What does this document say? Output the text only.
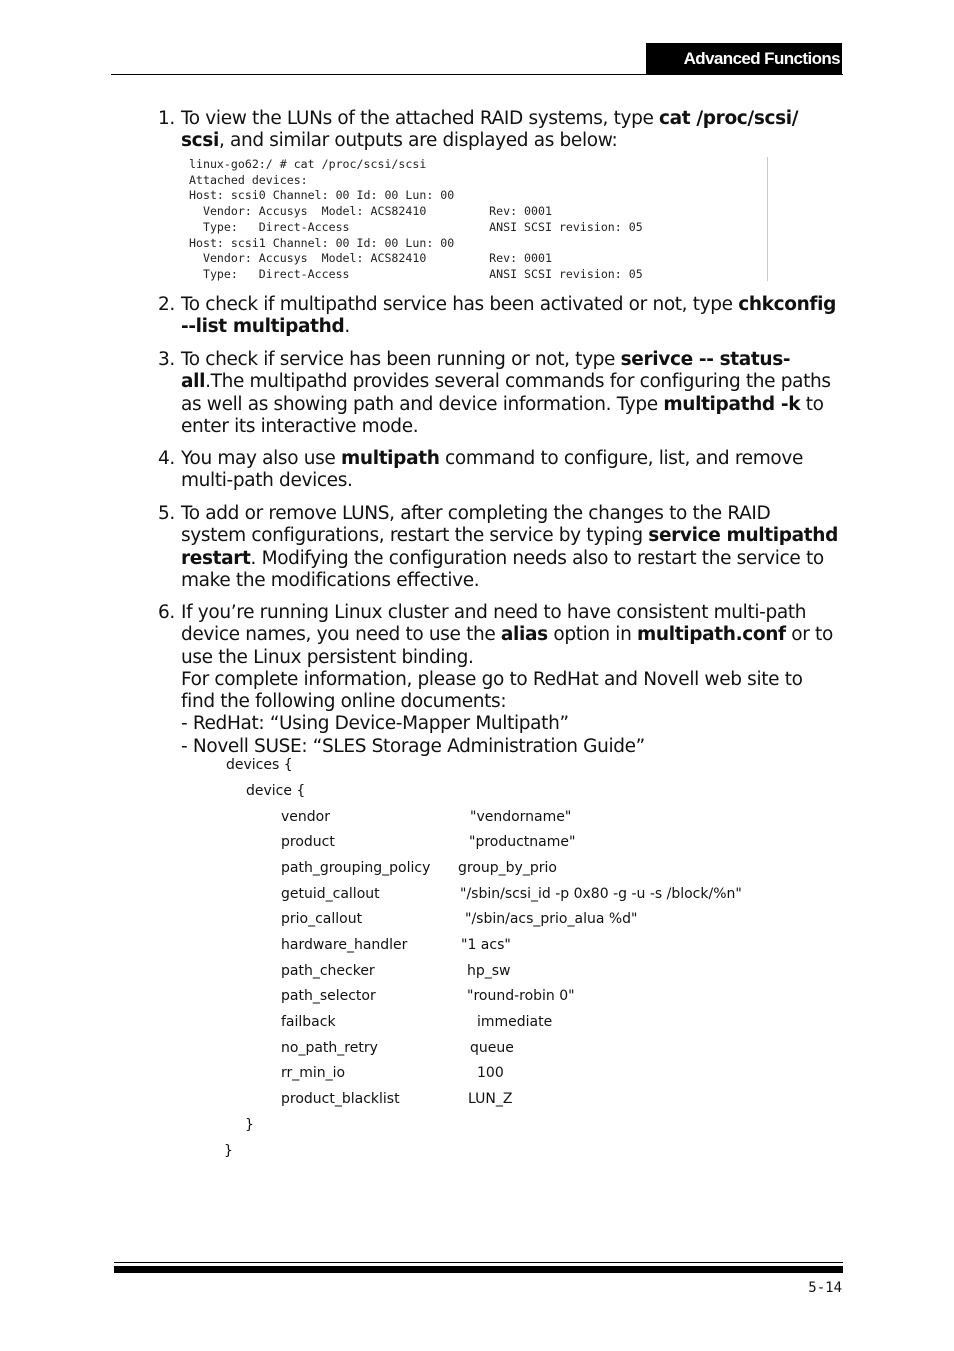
Advanced Functions
1. To view the LUNs of the attached RAID systems, type cat /proc/scsi/ scsi, and similar outputs are displayed as below:
linux-go62:/ # cat /proc/scsi/scsi
Attached devices:
Host: scsi0 Channel: 00 Id: 00 Lun: 00
Vendor: Accusys  Model: ACS82410         Rev: 0001
Type:   Direct-Access                    ANSI SCSI revision: 05
Host: scsi1 Channel: 00 Id: 00 Lun: 00
Vendor: Accusys  Model: ACS82410         Rev: 0001
Type:   Direct-Access                    ANSI SCSI revision: 05
2. To check if multipathd service has been activated or not, type chkconfig --list multipathd.
3. To check if service has been running or not, type serivce -- status-all.The multipathd provides several commands for configuring the paths as well as showing path and device information. Type multipathd -k to enter its interactive mode.
4. You may also use multipath command to configure, list, and remove multi-path devices.
5. To add or remove LUNS, after completing the changes to the RAID system configurations, restart the service by typing service multipathd restart. Modifying the configuration needs also to restart the service to make the modifications effective.
6. If you’re running Linux cluster and need to have consistent multi-path device names, you need to use the alias option in multipath.conf or to use the Linux persistent binding.
For complete information, please go to RedHat and Novell web site to find the following online documents:
- RedHat: “Using Device-Mapper Multipath”
- Novell SUSE: “SLES Storage Administration Guide”
devices {
device {
vendor	"vendorname"
product	"productname"
path_grouping_policy group_by_prio
getuid_callout	"/sbin/scsi_id -p 0x80 -g -u -s /block/%n"
prio_callout	"/sbin/acs_prio_alua %d"
hardware_handler	"1 acs"
path_checker	hp_sw
path_selector	"round-robin 0"
failback	immediate
no_path_retry	queue
rr_min_io	100
product_blacklist	LUN_Z
}
}
5-14
